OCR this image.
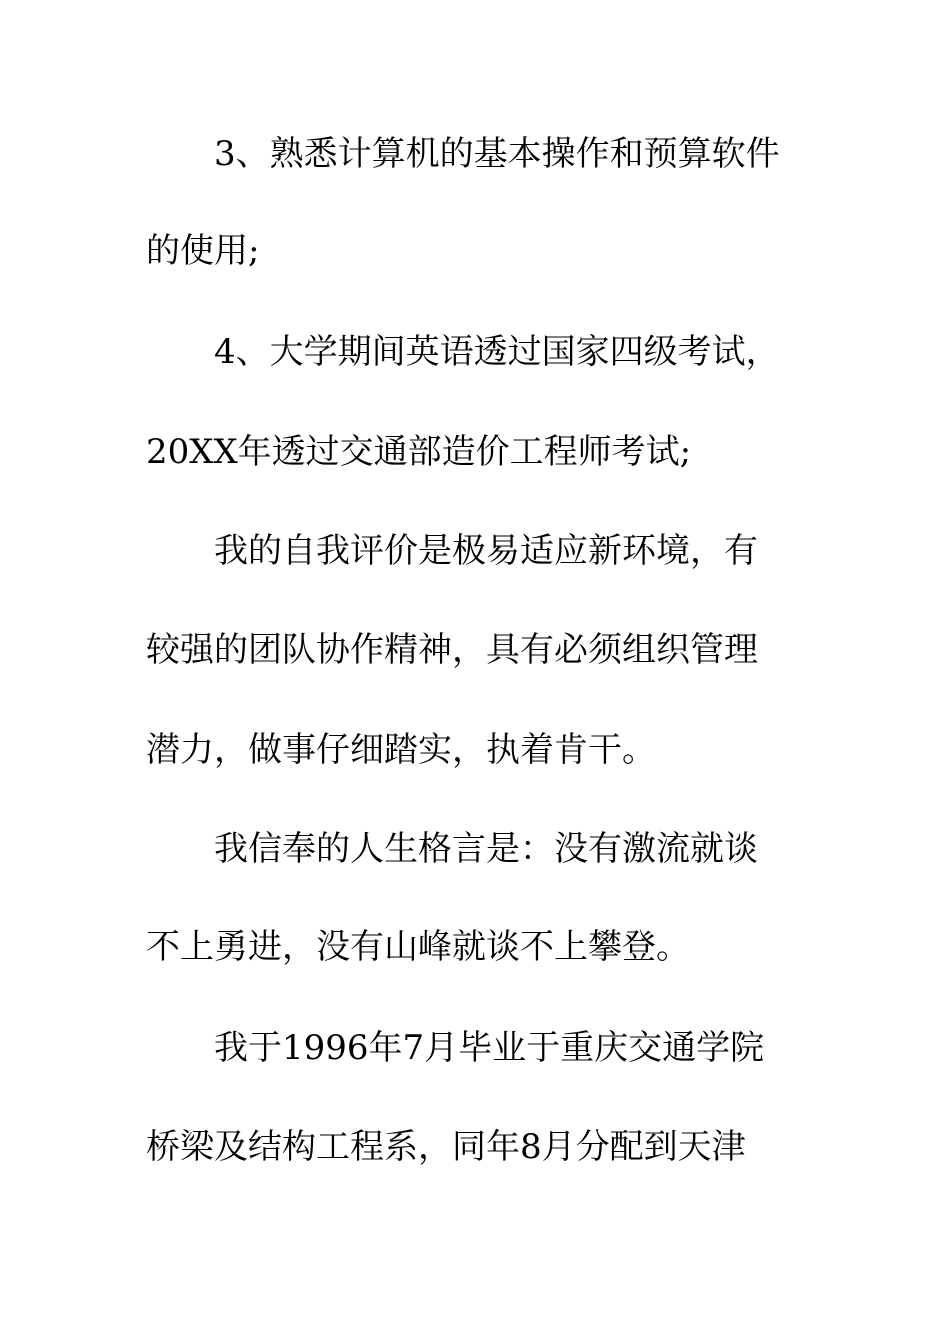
3、熟悉计算机的基本操作和预算软件
的使用;
4、大学期间英语透过国家四级考试，
20XX年透过交通部造价工程师考试;
我的自我评价是极易适应新环境，有
较强的团队协作精神，具有必须组织管理
潜力，做事仔细踏实，执着肯干。
我信奉的人生格言是：没有激流就谈
不上勇进，没有山峰就谈不上攀登。
我于1996年7月毕业于重庆交通学院
桥梁及结构工程系，同年8月分配到天津
